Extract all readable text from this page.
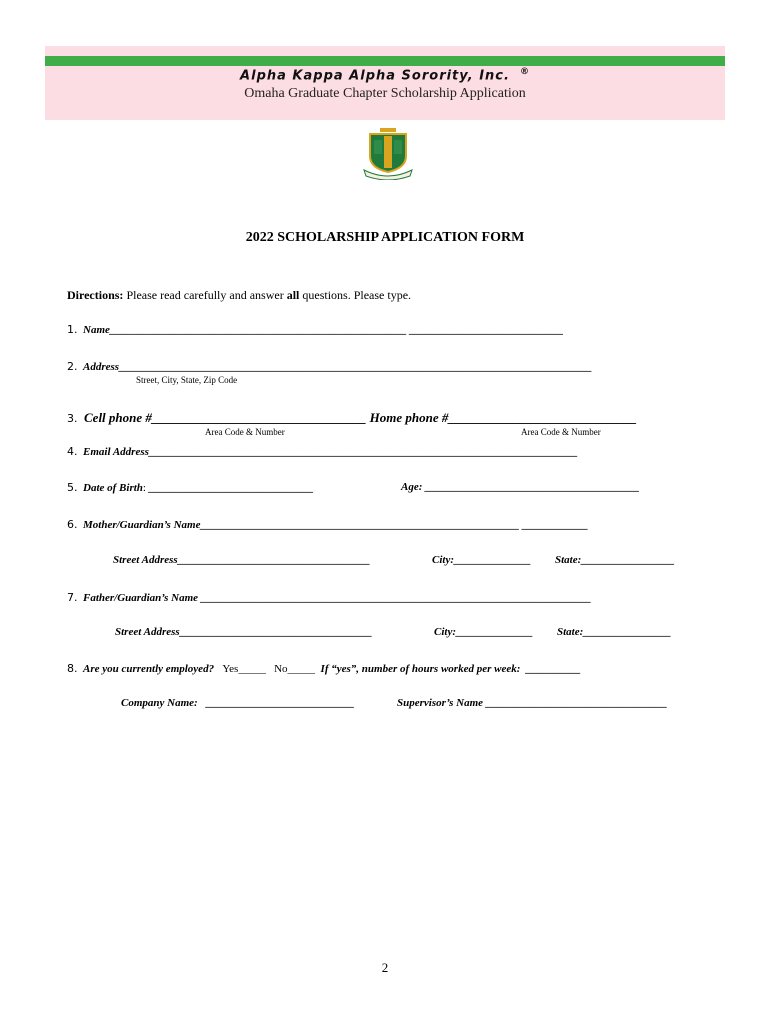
Alpha Kappa Alpha Sorority, Inc. ®
Omaha Graduate Chapter Scholarship Application
2022 SCHOLARSHIP APPLICATION FORM
Directions: Please read carefully and answer all questions. Please type.
1. Name______________________________________________________ ____________________________
2. Address______________________________________________________________________________________
Street, City, State, Zip Code
3. Cell phone #_________________________________ Home phone #_____________________________
Area Code & Number	Area Code & Number
4. Email Address______________________________________________________________________________
5. Date of Birth: ______________________________	Age: _______________________________________
6. Mother/Guardian’s Name__________________________________________________________ ____________
Street Address___________________________________	City:______________ State:_________________
7. Father/Guardian’s Name _______________________________________________________________________
Street Address___________________________________	City:______________ State:________________
8. Are you currently employed? Yes_____ No_____ If “yes”, number of hours worked per week: __________
Company Name: ___________________________	Supervisor’s Name _________________________________
2
